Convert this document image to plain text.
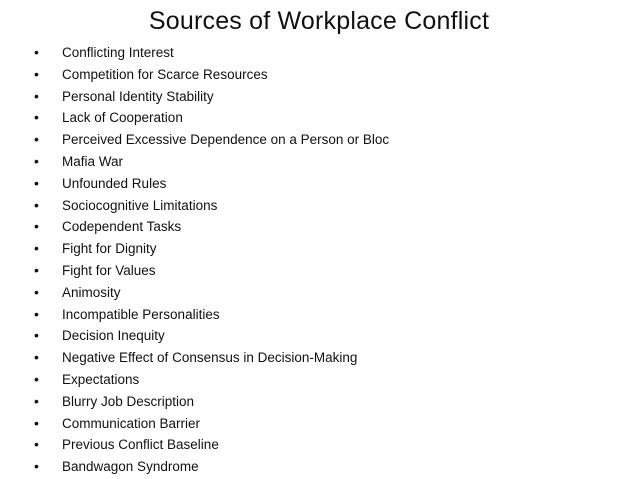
Sources of Workplace Conflict
•	Conflicting Interest
•	Competition for Scarce Resources
•	Personal Identity Stability
•	Lack of Cooperation
•	Perceived Excessive Dependence on a Person or Bloc
•	Mafia War
•	Unfounded Rules
•	Sociocognitive Limitations
•	Codependent Tasks
•	Fight for Dignity
•	Fight for Values
•	Animosity
•	Incompatible Personalities
•	Decision Inequity
•	Negative Effect of Consensus in Decision-Making
•	Expectations
•	Blurry Job Description
•	Communication Barrier
•	Previous Conflict Baseline
•	Bandwagon Syndrome
